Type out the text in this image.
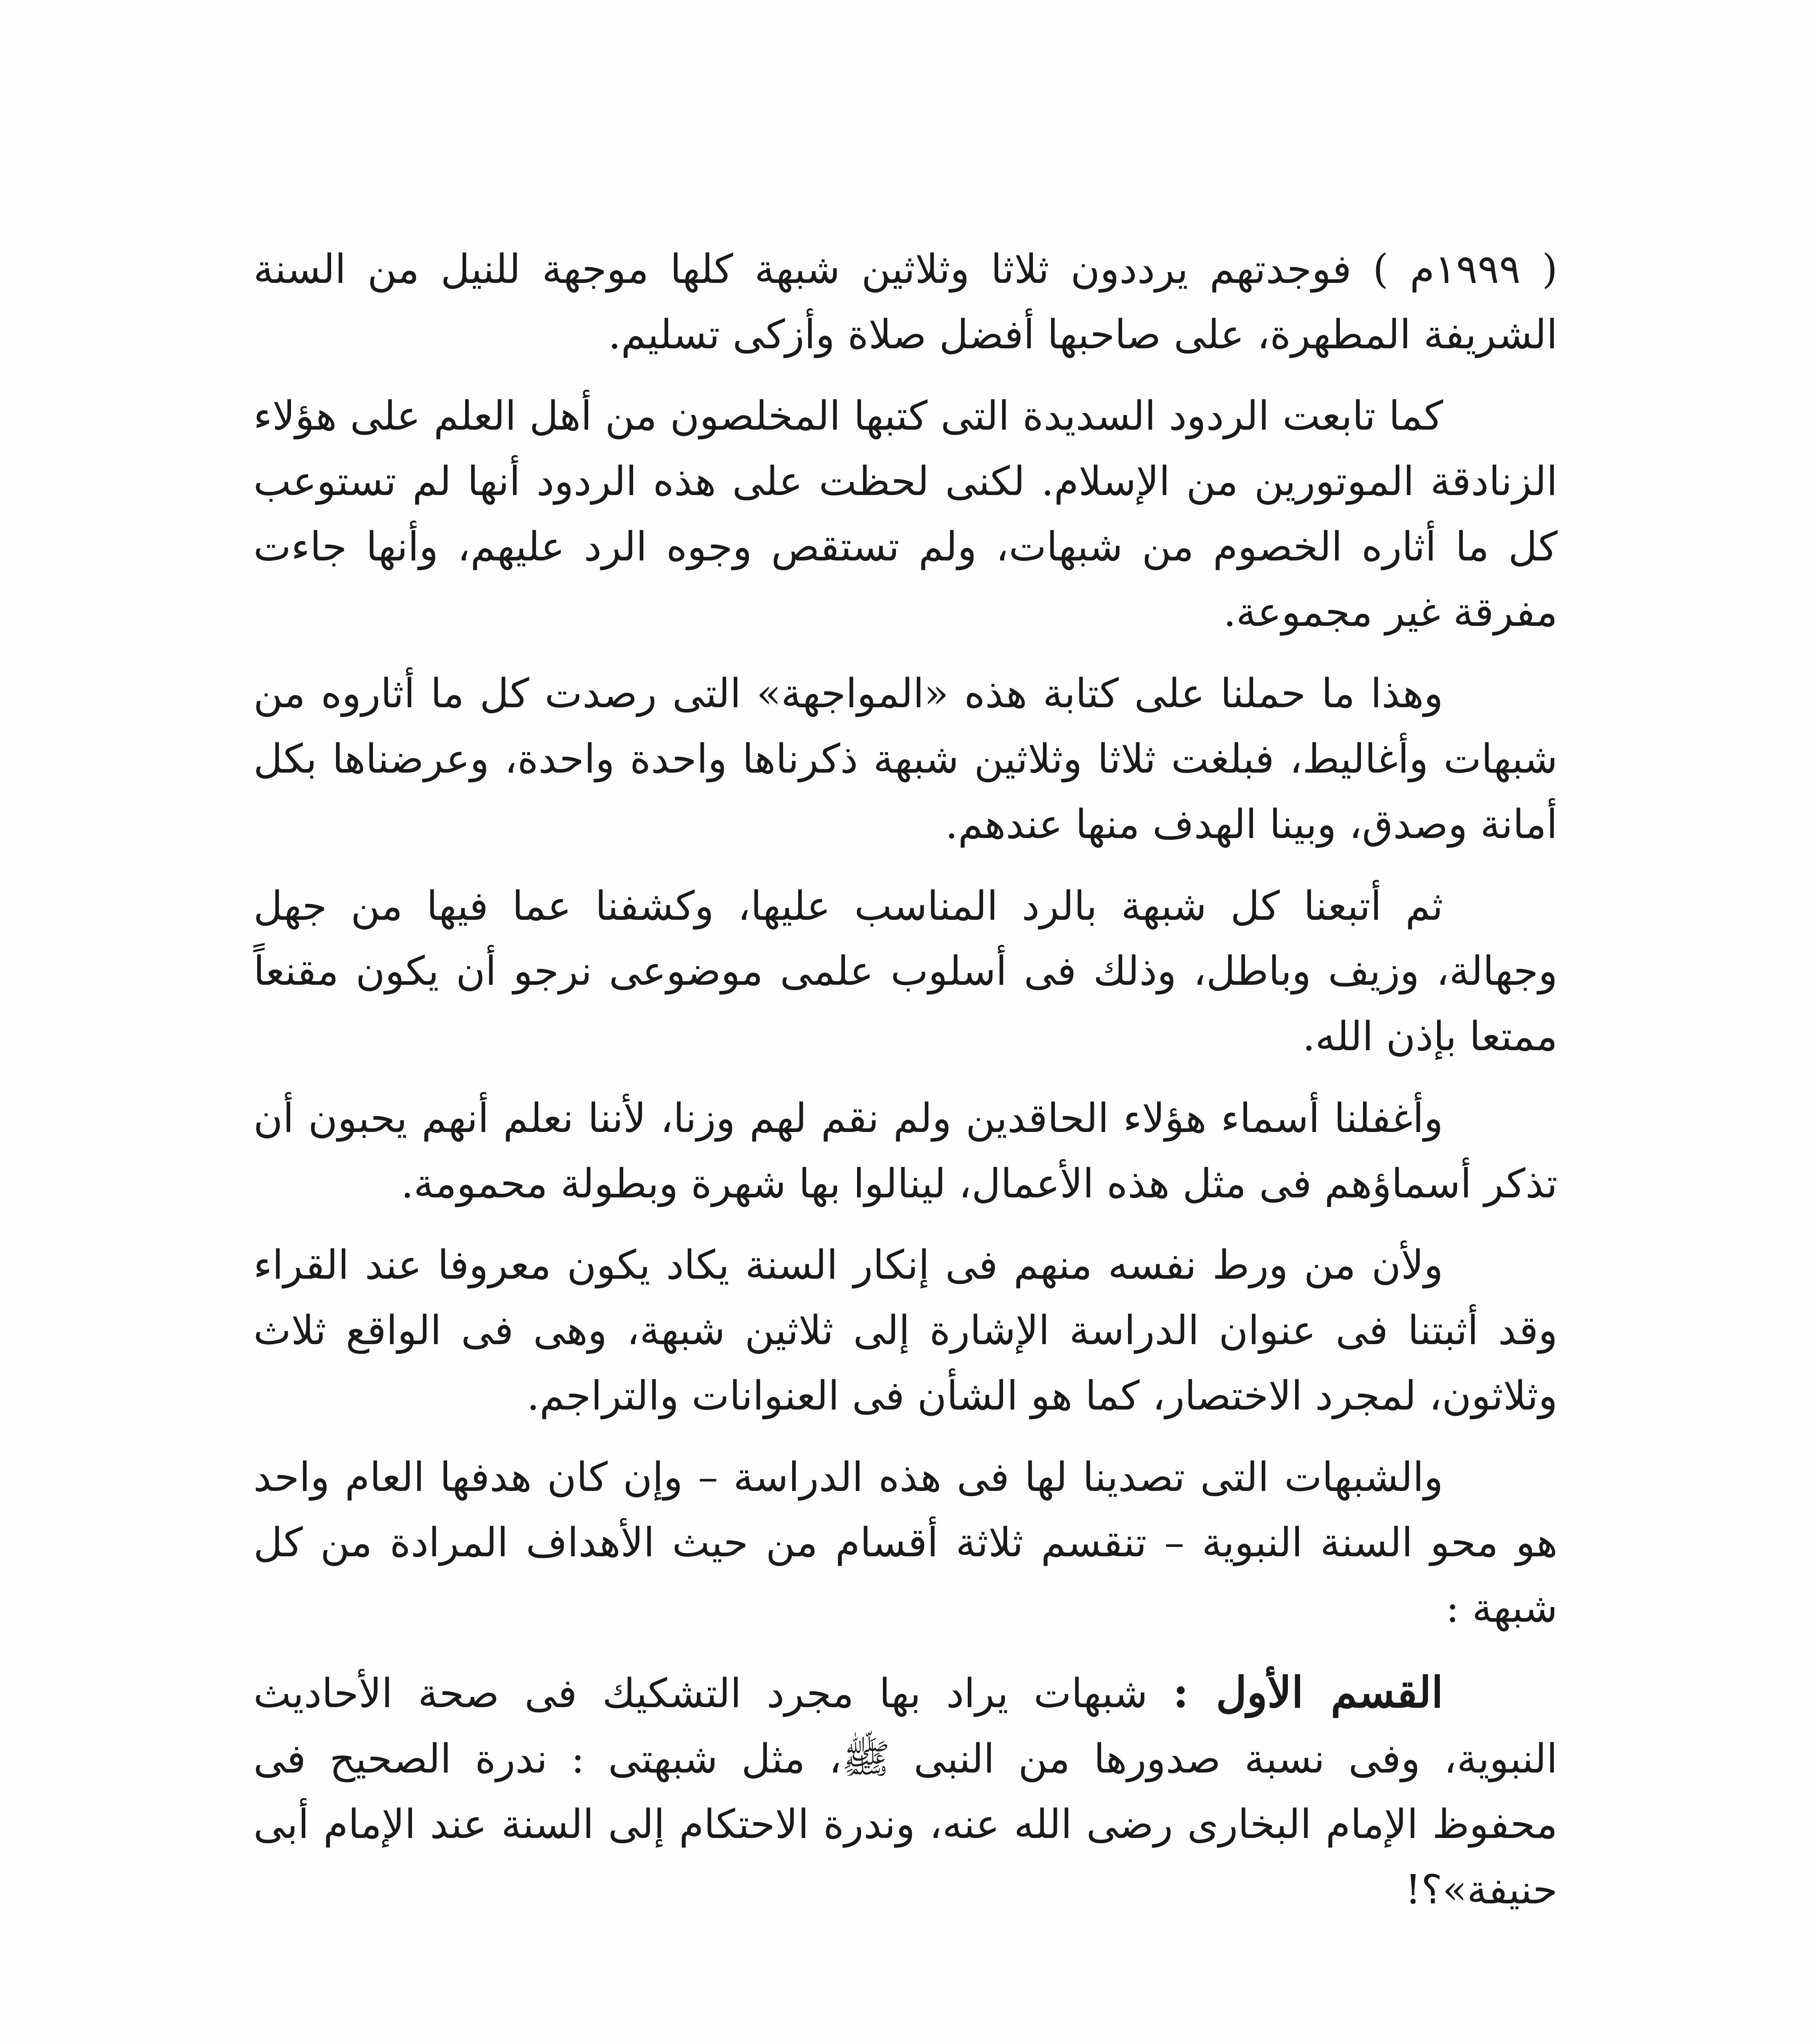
( ١٩٩٩م ) فوجدتهم يرددون ثلاثا وثلاثين شبهة كلها موجهة للنيل من السنة الشريفة المطهرة، على صاحبها أفضل صلاة وأزكى تسليم.

كما تابعت الردود السديدة التى كتبها المخلصون من أهل العلم على هؤلاء الزنادقة الموتورين من الإسلام. لكنى لحظت على هذه الردود أنها لم تستوعب كل ما أثاره الخصوم من شبهات، ولم تستقص وجوه الرد عليهم، وأنها جاءت مفرقة غير مجموعة.

وهذا ما حملنا على كتابة هذه «المواجهة» التى رصدت كل ما أثاروه من شبهات وأغاليط، فبلغت ثلاثا وثلاثين شبهة ذكرناها واحدة واحدة، وعرضناها بكل أمانة وصدق، وبينا الهدف منها عندهم.

ثم أتبعنا كل شبهة بالرد المناسب عليها، وكشفنا عما فيها من جهل وجهالة، وزيف وباطل، وذلك فى أسلوب علمى موضوعى نرجو أن يكون مقنعاً ممتعا بإذن الله.

وأغفلنا أسماء هؤلاء الحاقدين ولم نقم لهم وزنا، لأننا نعلم أنهم يحبون أن تذكر أسماؤهم فى مثل هذه الأعمال، لينالوا بها شهرة وبطولة محمومة.

ولأن من ورط نفسه منهم فى إنكار السنة يكاد يكون معروفا عند القراء وقد أثبتنا فى عنوان الدراسة الإشارة إلى ثلاثين شبهة، وهى فى الواقع ثلاث وثلاثون، لمجرد الاختصار، كما هو الشأن فى العنوانات والتراجم.

والشبهات التى تصدينا لها فى هذه الدراسة – وإن كان هدفها العام واحد هو محو السنة النبوية – تنقسم ثلاثة أقسام من حيث الأهداف المرادة من كل شبهة :

القسم الأول : شبهات يراد بها مجرد التشكيك فى صحة الأحاديث النبوية، وفى نسبة صدورها من النبى ﷺ، مثل شبهتى : ندرة الصحيح فى محفوظ الإمام البخارى رضى الله عنه، وندرة الاحتكام إلى السنة عند الإمام أبى حنيفة»؟!
